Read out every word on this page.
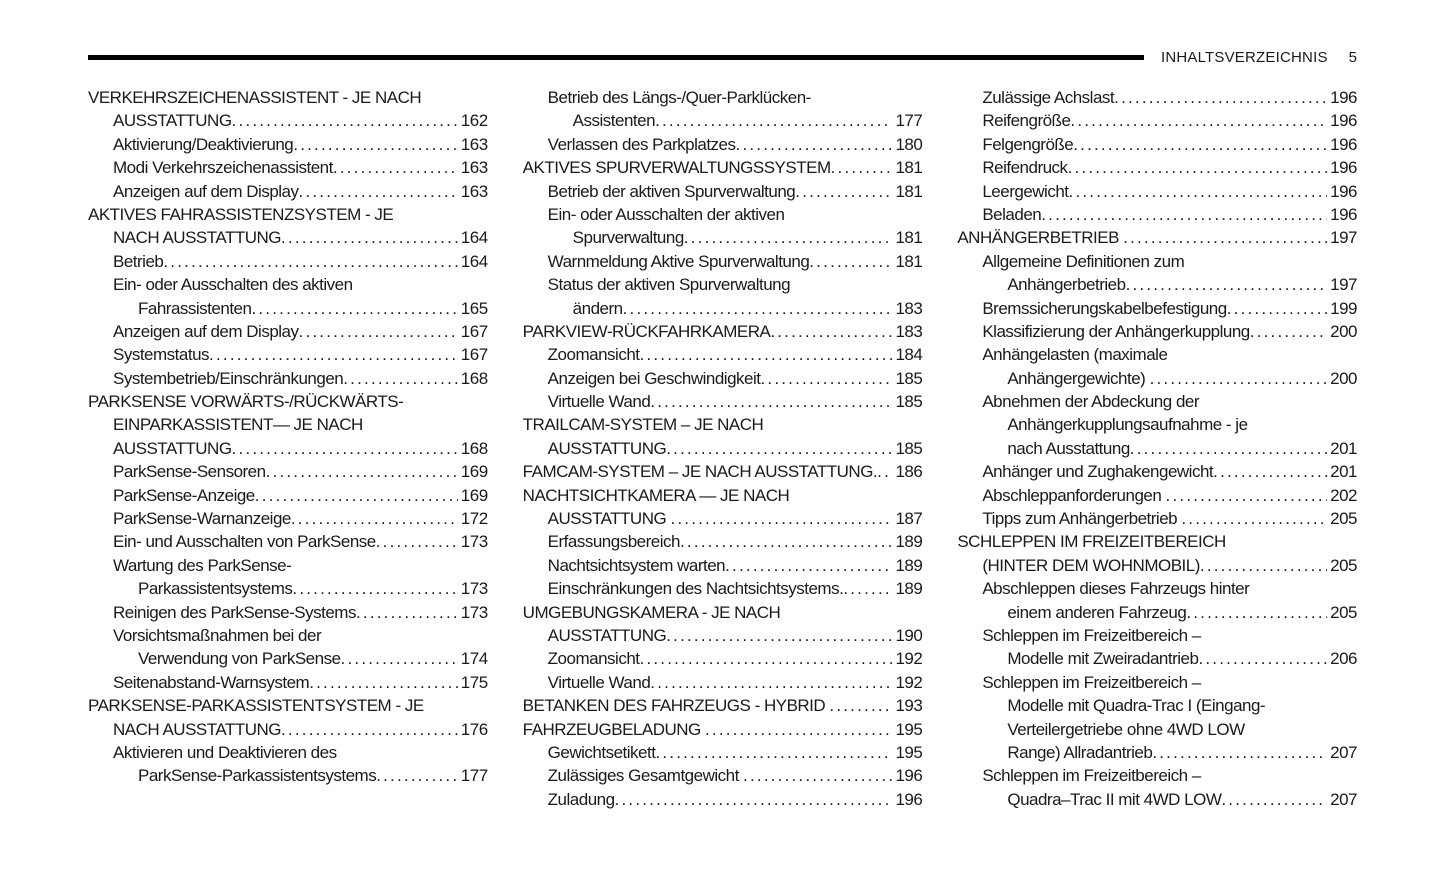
INHALTSVERZEICHNIS 5
VERKEHRSZEICHENASSISTENT - JE NACH
AUSSTATTUNG .....	162
Aktivierung/Deaktivierung .....	163
Modi Verkehrszeichenassistent .....	163
Anzeigen auf dem Display .....	163
AKTIVES FAHRASSISTENZSYSTEM - JE
NACH AUSSTATTUNG .....	164
Betrieb .....	164
Ein- oder Ausschalten des aktiven
Fahrassistenten .....	165
Anzeigen auf dem Display .....	167
Systemstatus .....	167
Systembetrieb/Einschränkungen .....	168
PARKSENSE VORWÄRTS-/RÜCKWÄRTS-
EINPARKASSISTENT— JE NACH
AUSSTATTUNG .....	168
ParkSense-Sensoren .....	169
ParkSense-Anzeige .....	169
ParkSense-Warnanzeige .....	172
Ein- und Ausschalten von ParkSense .....	173
Wartung des ParkSense-
Parkassistentsystems .....	173
Reinigen des ParkSense-Systems .....	173
Vorsichtsmaßnahmen bei der
Verwendung von ParkSense .....	174
Seitenabstand-Warnsystem .....	175
PARKSENSE-PARKASSISTENTSYSTEM - JE
NACH AUSSTATTUNG .....	176
Aktivieren und Deaktivieren des
ParkSense-Parkassistentsystems .....	177
Betrieb des Längs-/Quer-Parklücken-
Assistenten .....	177
Verlassen des Parkplatzes .....	180
AKTIVES SPURVERWALTUNGSSYSTEM .....	181
Betrieb der aktiven Spurverwaltung .....	181
Ein- oder Ausschalten der aktiven
Spurverwaltung .....	181
Warnmeldung Aktive Spurverwaltung .....	181
Status der aktiven Spurverwaltung
ändern .....	183
PARKVIEW-RÜCKFAHRKAMERA .....	183
Zoomansicht .....	184
Anzeigen bei Geschwindigkeit .....	185
Virtuelle Wand .....	185
TRAILCAM-SYSTEM – JE NACH
AUSSTATTUNG .....	185
FAMCAM-SYSTEM – JE NACH AUSSTATTUNG. ..... 186
NACHTSICHTKAMERA — JE NACH
AUSSTATTUNG .....	187
Erfassungsbereich .....	189
Nachtsichtsystem warten .....	189
Einschränkungen des Nachtsichtsystems. .....	189
UMGEBUNGSKAMERA - JE NACH
AUSSTATTUNG .....	190
Zoomansicht .....	192
Virtuelle Wand .....	192
BETANKEN DES FAHRZEUGS - HYBRID .....	193
FAHRZEUGBELADUNG .....	195
Gewichtsetikett .....	195
Zulässiges Gesamtgewicht .....	196
Zuladung .....	196
Zulässige Achslast .....	196
Reifengröße .....	196
Felgengröße .....	196
Reifendruck .....	196
Leergewicht .....	196
Beladen .....	196
ANHÄNGERBETRIEB .....	197
Allgemeine Definitionen zum
Anhängerbetrieb .....	197
Bremssicherungskabelbefestigung .....	199
Klassifizierung der Anhängerkupplung .....	200
Anhängelasten (maximale
Anhängergewichte) .....	200
Abnehmen der Abdeckung der
Anhängerkupplungsaufnahme - je
nach Ausstattung .....	201
Anhänger und Zughakengewicht .....	201
Abschleppanforderungen .....	202
Tipps zum Anhängerbetrieb .....	205
SCHLEPPEN IM FREIZEITBEREICH
(HINTER DEM WOHNMOBIL) .....	205
Abschleppen dieses Fahrzeugs hinter
einem anderen Fahrzeug .....	205
Schleppen im Freizeitbereich –
Modelle mit Zweiradantrieb .....	206
Schleppen im Freizeitbereich –
Modelle mit Quadra-Trac I (Eingang-
Verteilergetriebe ohne 4WD LOW
Range) Allradantrieb .....	207
Schleppen im Freizeitbereich –
Quadra–Trac II mit 4WD LOW .....	207
